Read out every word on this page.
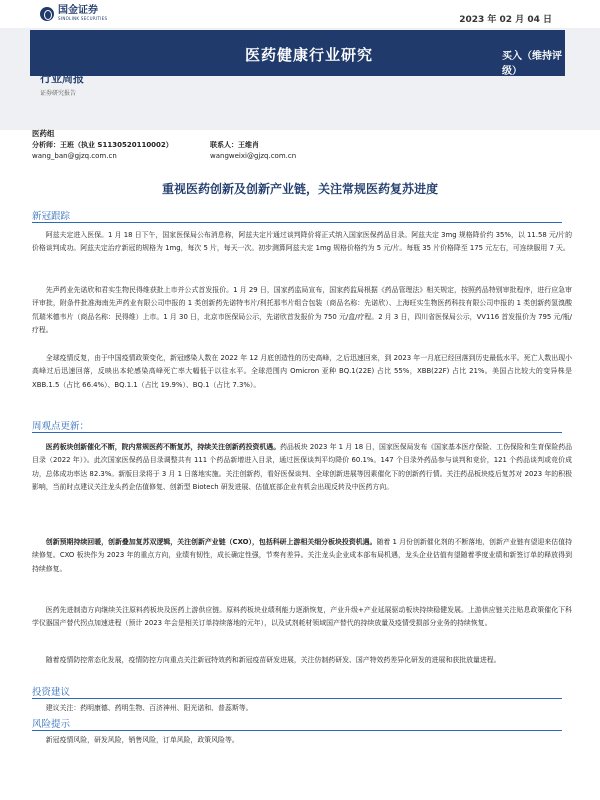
国金证券
SINOLINK SECURITIES	2023 年 02 月 04 日
医药健康行业研究	买入（维持评级）
行业周报
证券研究报告
医药组
分析师：王班（执业 S1130520110002）
wang_ban@gjzq.com.cn
联系人：王维肖
wangweixi@gjzq.com.cn
重视医药创新及创新产业链，关注常规医药复苏进度
新冠跟踪
阿兹夫定进入医保。1 月 18 日下午，国家医保局公布消息称，阿兹夫定片通过谈判降价将正式纳入国家医保药品目录。阿兹夫定 3mg 规格降价约 35%，以 11.58 元/片的价格谈判成功。阿兹夫定治疗新冠的规格为 1mg，每次 5 片，每天一次。初步测算阿兹夫定 1mg 规格价格约为 5 元/片。每瓶 35 片价格降至 175 元左右，可连续服用 7 天。
先声药业先诺欣和君实生物民得维获批上市并公式首发报价。1 月 29 日，国家药监局宣布，国家药监局根据《药品管理法》相关规定，按照药品特别审批程序，进行应急审评审批，附条件批准海南先声药业有限公司申报的 1 类创新药先诺特韦片/利托那韦片组合包装（商品名称：先诺欣）、上海旺实生物医药科技有限公司申报的 1 类创新药氢溴酸氘瑞米德韦片（商品名称：民得维）上市。1 月 30 日，北京市医保局公示，先诺欣首发报价为 750 元/盒/疗程。2 月 3 日，四川省医保局公示，VV116 首发报价为 795 元/瓶/疗程。
全球疫情反复，由于中国疫情政策变化，新冠感染人数在 2022 年 12 月底创造性的历史高峰，之后迅速回来，到 2023 年一月底已经回落到历史最低水平。死亡人数出现小高峰过后迅速回落，反映出本轮感染高峰死亡率大幅低于以往水平。全球范围内 Omicron 亚种 BQ.1(22E) 占比 55%，XBB(22F) 占比 21%。美国占比较大的变异株是 XBB.1.5（占比 66.4%）、BQ.1.1（占比 19.9%）、BQ.1（占比 7.3%）。
周观点更新：
医药板块创新催化不断，院内常规医药不断复苏，持续关注创新药投资机遇。药品板块 2023 年 1 月 18 日，国家医保局发布《国家基本医疗保险、工伤保险和生育保险药品目录（2022 年）》。此次国家医保药品目录调整共有 111 个药品新增进入目录，通过医保谈判平均降价 60.1%。147 个目录外药品参与谈判和竞价，121 个药品谈判或竞价成功，总体成功率达 82.3%。新版目录将于 3 月 1 日落地实施。关注创新药，看好医保谈判、全球创新进展等因素催化下的创新药行情。关注药品板块疫后复苏对 2023 年的积极影响，当前时点建议关注龙头药企估值修复、创新型 Biotech 研发进展、估值底部企业有机会出现反转及中医药方向。
创新预期持续回暖，创新叠加复苏双逻辑，关注创新产业链（CXO），包括科研上游相关细分板块投资机遇。随着 1 月份创新催化剂的不断落地，创新产业链有望迎来估值持续修复。CXO 板块作为 2023 年的重点方向，业绩有韧性，成长确定性强，节奏有差异。关注龙头企业成本部布局机遇，龙头企业估值有望随着季度业绩和新签订单的释放得到持续修复。
医药先进制造方向继续关注原料药板块及医药上游供应链。原料药板块业绩利能力逐渐恢复，产业升级+产业延展驱动板块持续稳健发展。上游供应链关注贴息政策催化下科学仪器国产替代拐点加速进程（预计 2023 年会是相关订单持续落地的元年），以及试剂耗材领域国产替代的持续放量及疫情受损部分业务的持续恢复。
随着疫情防控常态化发展，疫情防控方向重点关注新冠特效药和新冠疫苗研发进展，关注仿制药研发、国产特效药差异化研发的进展和获批放量进程。
投资建议
建议关注：药明康德、药明生物、百济神州、阳光诺和、普蕊斯等。
风险提示
新冠疫情风险，研发风险，销售风险，订单风险，政策风险等。
